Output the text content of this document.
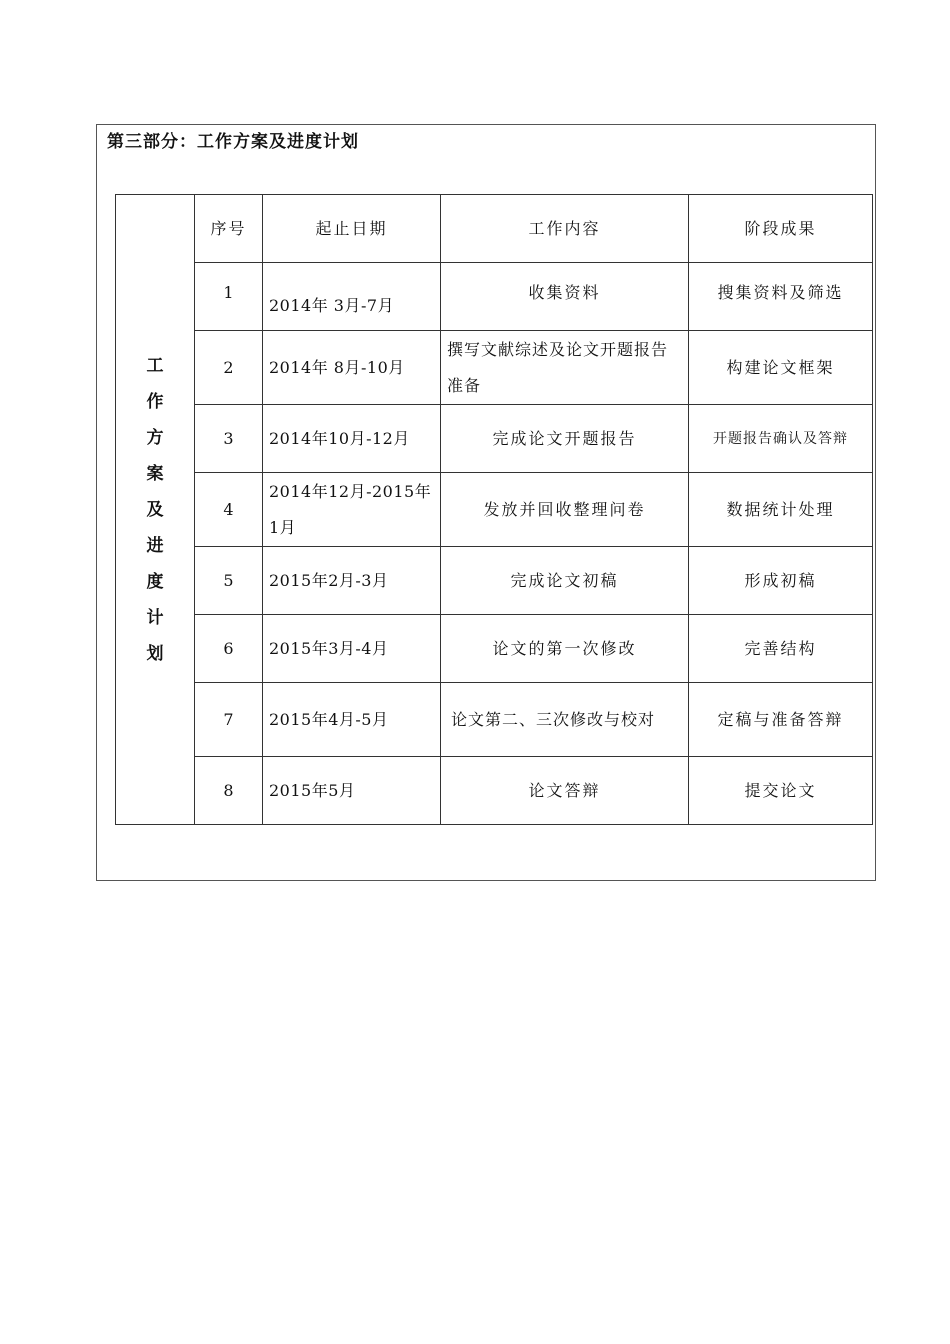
第三部分：工作方案及进度计划
工作方案及进度计划	序号	起止日期	工作内容	阶段成果
	1	2014年 3月-7月	收集资料	搜集资料及筛选
	2	2014年 8月-10月	撰写文献综述及论文开题报告准备	构建论文框架
	3	2014年10月-12月	完成论文开题报告	开题报告确认及答辩
	4	2014年12月-2015年1月	发放并回收整理问卷	数据统计处理
	5	2015年2月-3月	完成论文初稿	形成初稿
	6	2015年3月-4月	论文的第一次修改	完善结构
	7	2015年4月-5月	论文第二、三次修改与校对	定稿与准备答辩
	8	2015年5月	论文答辩	提交论文
